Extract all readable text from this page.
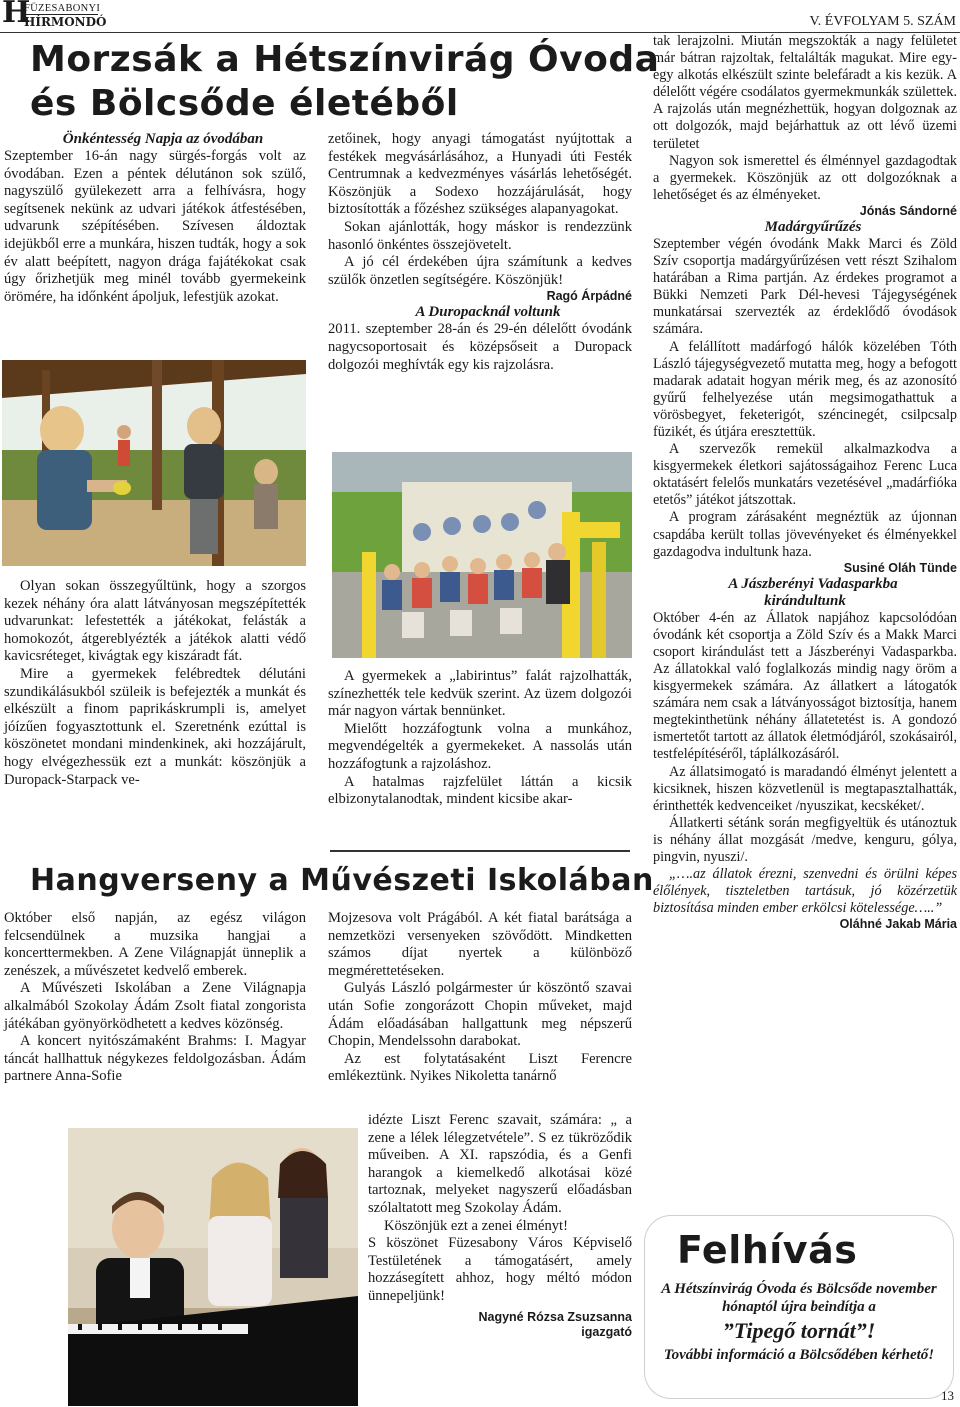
H
FÜZESABONYI
HÍRMONDÓ	V. ÉVFOLYAM 5. SZÁM
Morzsák a Hétszínvirág Óvoda
és Bölcsőde életéből

Önkéntesség Napja az óvodában

Szeptember 16-án nagy sürgés-forgás volt az óvodában. Ezen a péntek délutánon sok szülő, nagyszülő gyülekezett arra a felhívásra, hogy segítsenek nekünk az udvari játékok átfestésében, udvarunk szépítésében. Szívesen áldoztak idejükből erre a munkára, hiszen tudták, hogy a sok év alatt beépített, nagyon drága fajátékokat csak úgy őrizhetjük meg minél tovább gyermekeink örömére, ha időnként ápoljuk, lefestjük azokat.

Olyan sokan összegyűltünk, hogy a szorgos kezek néhány óra alatt látványosan megszépítették udvarunkat: lefestették a játékokat, felásták a homokozót, átgereblyézték a játékok alatti védő kavicsréteget, kivágtak egy kiszáradt fát.

Mire a gyermekek felébredtek délutáni szundikálásukból szüleik is befejezték a munkát és elkészült a finom paprikáskrumpli is, amelyet jóízűen fogyasztottunk el. Szeretnénk ezúttal is köszönetet mondani mindenkinek, aki hozzájárult, hogy elvégezhessük ezt a munkát: köszönjük a Duropack-Starpack ve-

zetőinek, hogy anyagi támogatást nyújtottak a festékek megvásárlásához, a Hunyadi úti Festék Centrumnak a kedvezményes vásárlás lehetőségét. Köszönjük a Sodexo hozzájárulását, hogy biztosították a főzéshez szükséges alapanyagokat.

Sokan ajánlották, hogy máskor is rendezzünk hasonló önkéntes összejövetelt.

A jó cél érdekében újra számítunk a kedves szülők önzetlen segítségére. Köszönjük!

Ragó Árpádné

A Duropacknál voltunk

2011. szeptember 28-án és 29-én délelőtt óvodánk nagycsoportosait és középsőseit a Duropack dolgozói meghívták egy kis rajzolásra.

A gyermekek a „labirintus” falát rajzolhatták, színezhették tele kedvük szerint. Az üzem dolgozói már nagyon vártak bennünket.

Mielőtt hozzáfogtunk volna a munkához, megvendégelték a gyermekeket. A nassolás után hozzáfogtunk a rajzoláshoz.

A hatalmas rajzfelület láttán a kicsik elbizonytalanodtak, mindent kicsibe akar-

tak lerajzolni. Miután megszokták a nagy felületet már bátran rajzoltak, feltalálták magukat. Mire egy-egy alkotás elkészült szinte belefáradt a kis kezük. A délelőtt végére csodálatos gyermekmunkák születtek. A rajzolás után megnézhettük, hogyan dolgoznak az ott dolgozók, majd bejárhattuk az ott lévő üzemi területet

Nagyon sok ismerettel és élménnyel gazdagodtak a gyermekek. Köszönjük az ott dolgozóknak a lehetőséget és az élményeket.

Jónás Sándorné

Madárgyűrűzés

Szeptember végén óvodánk Makk Marci és Zöld Szív csoportja madárgyűrűzésen vett részt Szihalom határában a Rima partján. Az érdekes programot a Bükki Nemzeti Park Dél-hevesi Tájegységének munkatársai szervezték az érdeklődő óvodások számára.

A felállított madárfogó hálók közelében Tóth László tájegységvezető mutatta meg, hogy a befogott madarak adatait hogyan mérik meg, és az azonosító gyűrű felhelyezése után megsimogathattuk a vörösbegyet, feketerigót, széncinegét, csilpcsalp füzikét, és útjára eresztettük.

A szervezők remekül alkalmazkodva a kisgyermekek életkori sajátosságaihoz Ferenc Luca oktatásért felelős munkatárs vezetésével „madárfióka etetős” játékot játszottak.

A program zárásaként megnéztük az újonnan csapdába került tollas jövevényeket és élményekkel gazdagodva indultunk haza.

Susiné Oláh Tünde

A Jászberényi Vadasparkba kirándultunk

Október 4-én az Állatok napjához kapcsolódóan óvodánk két csoportja a Zöld Szív és a Makk Marci csoport kirándulást tett a Jászberényi Vadasparkba. Az állatokkal való foglalkozás mindig nagy öröm a kisgyermekek számára. Az állatkert a látogatók számára nem csak a látványosságot biztosítja, hanem megtekinthetünk néhány állatetetést is. A gondozó ismertetőt tartott az állatok életmódjáról, szokásairól, testfelépítéséről, táplálkozásáról.

Az állatsimogató is maradandó élményt jelentett a kicsiknek, hiszen közvetlenül is megtapasztalhatták, érinthették kedvenceiket /nyuszikat, kecskéket/.

Állatkerti sétánk során megfigyeltük és utánoztuk is néhány állat mozgását /medve, kenguru, gólya, pingvin, nyuszi/.

„….az állatok érezni, szenvedni és örülni képes élőlények, tiszteletben tartásuk, jó közérzetük biztosítása minden ember erkölcsi kötelessége…..”

Oláhné Jakab Mária

Hangverseny a Művészeti Iskolában

Október első napján, az egész világon felcsendülnek a muzsika hangjai a koncerttermekben. A Zene Világnapját ünneplik a zenészek, a művészetet kedvelő emberek.

A Művészeti Iskolában a Zene Világnapja alkalmából Szokolay Ádám Zsolt fiatal zongorista játékában gyönyörködhetett a kedves közönség.

A koncert nyitószámaként Brahms: I. Magyar táncát hallhattuk négykezes feldolgozásban. Ádám partnere Anna-Sofie

Mojzesova volt Prágából. A két fiatal barátsága a nemzetközi versenyeken szövődött. Mindketten számos díjat nyertek a különböző megmérettetéseken.

Gulyás László polgármester úr köszöntő szavai után Sofie zongorázott Chopin műveket, majd Ádám előadásában hallgattunk meg népszerű Chopin, Mendelssohn darabokat.

Az est folytatásaként Liszt Ferencre emlékeztünk. Nyikes Nikoletta tanárnő

idézte Liszt Ferenc szavait, számára: „ a zene a lélek lélegzetvétele”. S ez tükröződik műveiben. A XI. rapszódia, és a Genfi harangok a kiemelkedő alkotásai közé tartoznak, melyeket nagyszerű előadásban szólaltatott meg Szokolay Ádám.

Köszönjük ezt a zenei élményt!

S köszönet Füzesabony Város Képviselő Testületének a támogatásért, amely hozzásegített ahhoz, hogy méltó módon ünnepeljünk!

Nagyné Rózsa Zsuzsanna

igazgató

Felhívás
A Hétszínvirág Óvoda és Bölcsőde november hónaptól újra beindítja a
”Tipegő tornát”!
További információ a Bölcsődében kérhető!
13
